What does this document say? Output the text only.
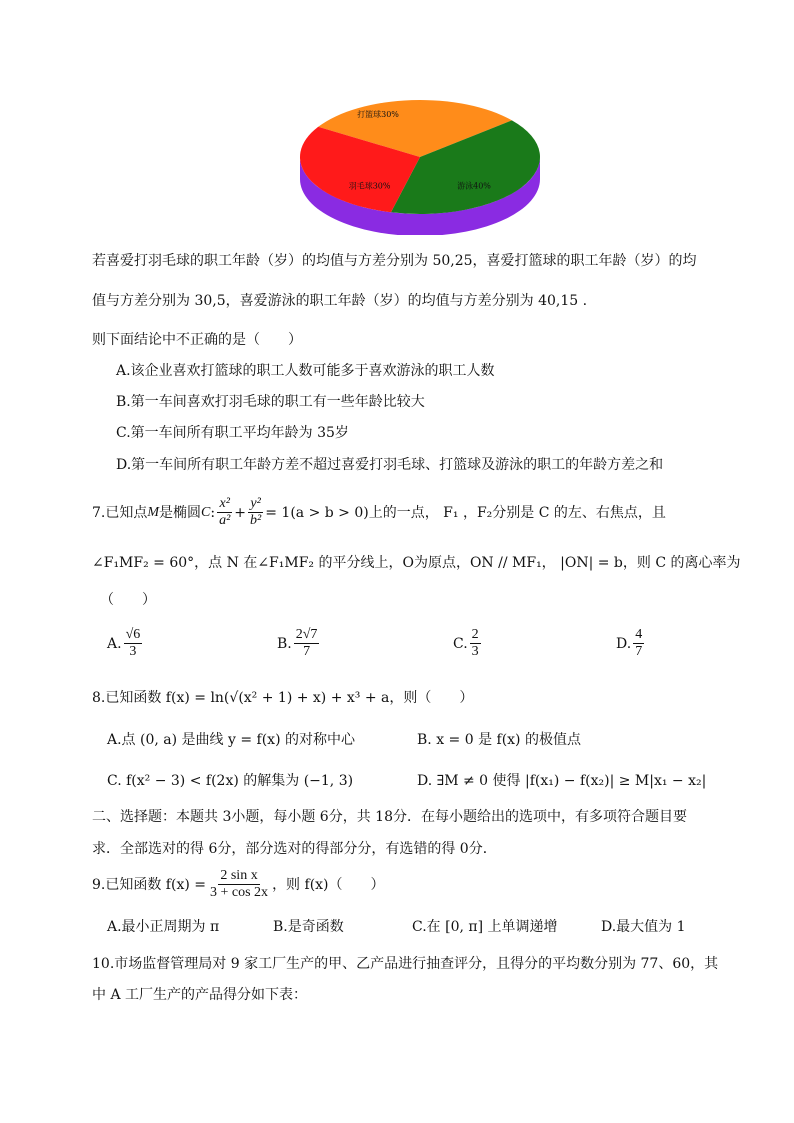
打篮球30%
游泳40%
羽毛球30%
若喜爱打羽毛球的职工年龄（岁）的均值与方差分别为 50,25，喜爱打篮球的职工年龄（岁）的均
值与方差分别为 30,5，喜爱游泳的职工年龄（岁）的均值与方差分别为 40,15 .
则下面结论中不正确的是（　　）
A.该企业喜欢打篮球的职工人数可能多于喜欢游泳的职工人数
B.第一车间喜欢打羽毛球的职工有一些年龄比较大
C.第一车间所有职工平均年龄为 35岁
D.第一车间所有职工年龄方差不超过喜爱打羽毛球、打篮球及游泳的职工的年龄方差之和
7.已知点 M 是椭圆 C : $\frac{\text{x²}}{\text{a²}} + \frac{\text{y²}}{\text{b²}} = 1(a > b > 0)$ 上的一点， F₁ ，F₂分别是 C 的左、右焦点，且
∠F₁MF₂ = 60°，点 N 在∠F₁MF₂ 的平分线上，O为原点，ON // MF₁， |ON| = b，则 C 的离心率为
（　　）
A. $\frac{√6}{3}$	B. $\frac{2√7}{7}$	C. $\frac{2}{3}$	D. $\frac{4}{7}$
8.已知函数 f(x) = ln(√(x² + 1) + x) + x³ + a，则（　　）
A.点 (0, a) 是曲线 y = f(x) 的对称中心	B. x = 0 是 f(x) 的极值点
C. f(x² − 3) < f(2x) 的解集为 (−1, 3)	D. ∃M ≠ 0 使得 |f(x₁) − f(x₂)| ≥ M|x₁ − x₂|
二、选择题：本题共 3小题，每小题 6分，共 18分．在每小题给出的选项中，有多项符合题目要
求．全部选对的得 6分，部分选对的得部分分，有选错的得 0分．
9.已知函数 $f(x) = \frac{\text{2 sin x}}{3 + \cos 2x}$ ，则 f(x)（　　）
A.最小正周期为 π	B.是奇函数	C.在 [0, π] 上单调递增	D.最大值为 1
10.市场监督管理局对 9 家工厂生产的甲、乙产品进行抽查评分，且得分的平均数分别为 77、60，其
中 A 工厂生产的产品得分如下表：
